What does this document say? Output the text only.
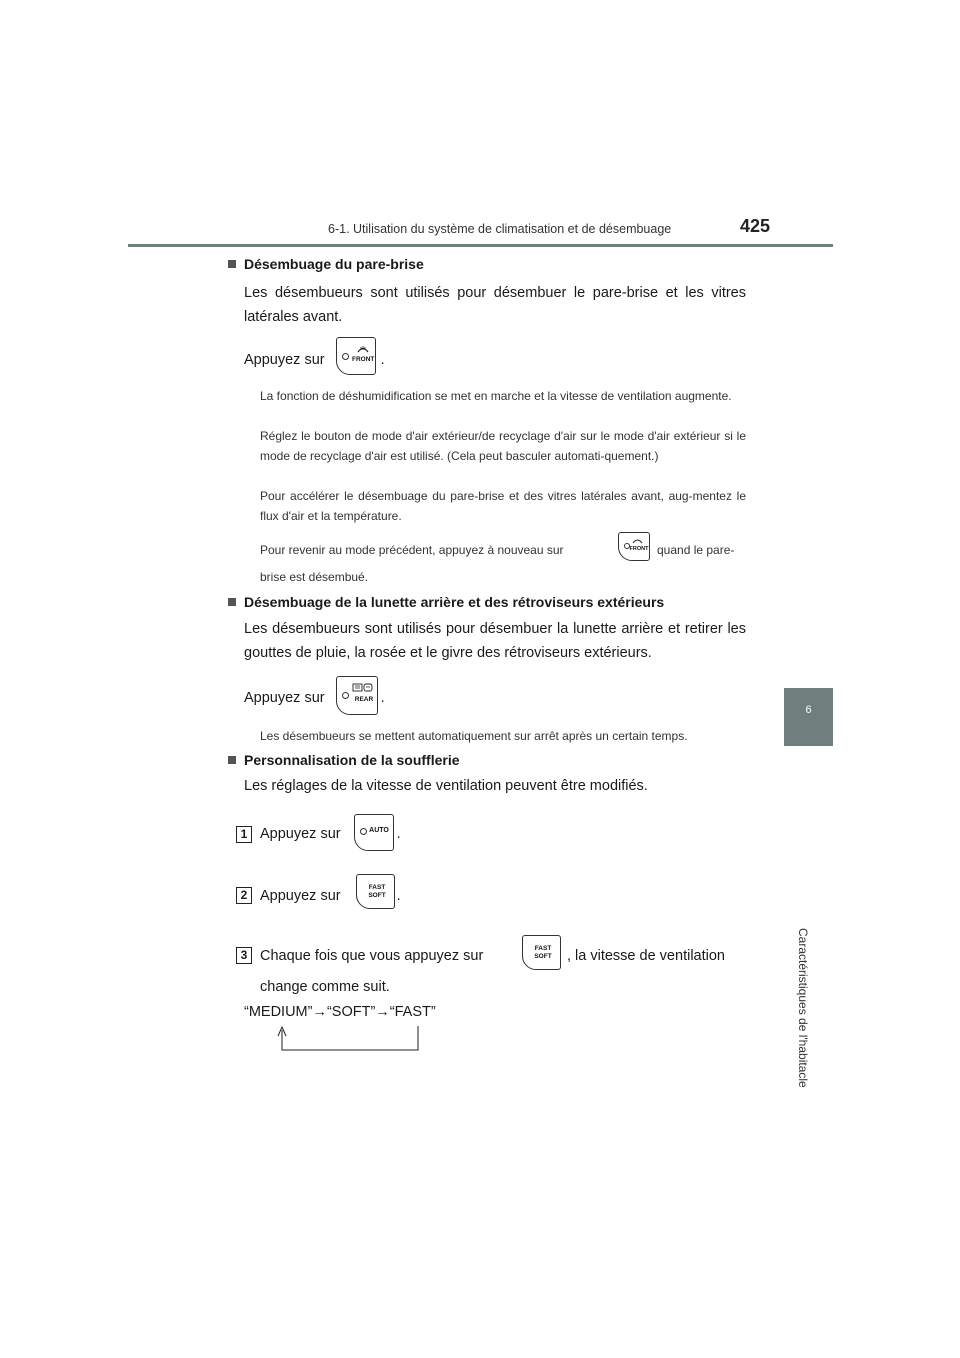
6-1. Utilisation du système de climatisation et de désembuage	425
6
Caractéristiques de l'habitacle
Désembuage du pare-brise
Les désembueurs sont utilisés pour désembuer le pare-brise et les vitres latérales avant.
Appuyez sur	.
FRONT
La fonction de déshumidification se met en marche et la vitesse de ventilation augmente.
Réglez le bouton de mode d'air extérieur/de recyclage d'air sur le mode d'air extérieur si le mode de recyclage d'air est utilisé. (Cela peut basculer automati-quement.)
Pour accélérer le désembuage du pare-brise et des vitres latérales avant, aug-mentez le flux d'air et la température.
Pour revenir au mode précédent, appuyez à nouveau sur	FRONT quand le pare-
brise est désembué.
Désembuage de la lunette arrière et des rétroviseurs extérieurs
Les désembueurs sont utilisés pour désembuer la lunette arrière et retirer les gouttes de pluie, la rosée et le givre des rétroviseurs extérieurs.
Appuyez sur	.
REAR
Les désembueurs se mettent automatiquement sur arrêt après un certain temps.
Personnalisation de la soufflerie
Les réglages de la vitesse de ventilation peuvent être modifiés.
1 Appuyez sur	.
AUTO
2 Appuyez sur	.
FAST
SOFT
3 Chaque fois que vous appuyez sur	FAST
SOFT , la vitesse de ventilation
change comme suit.
“MEDIUM”→“SOFT”→“FAST”
